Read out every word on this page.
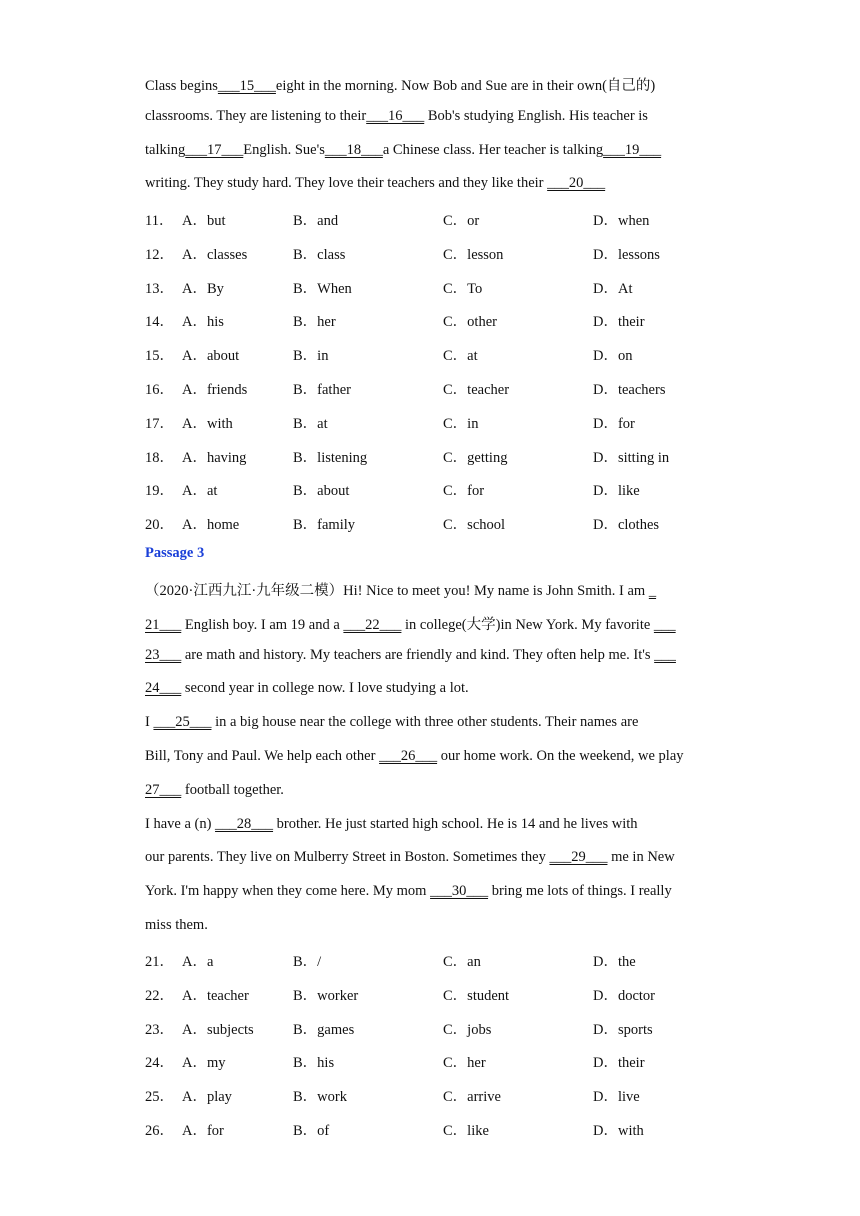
Class begins___15___eight in the morning. Now Bob and Sue are in their own(自己的)
classrooms. They are listening to their___16___ Bob's studying English. His teacher is
talking___17___English. Sue's___18___a Chinese class. Her teacher is talking___19___
writing. They study hard. They love their teachers and they like their ___20___
11． A．but	B．and	C．or	D．when
12． A．classes	B．class	C．lesson	D．lessons
13． A．By	B．When	C．To	D．At
14． A．his	B．her	C．other	D．their
15． A．about	B．in	C．at	D．on
16． A．friends	B．father	C．teacher	D．teachers
17． A．with	B．at	C．in	D．for
18． A．having	B．listening	C．getting	D．sitting in
19． A．at	B．about	C．for	D．like
20． A．home	B．family	C．school	D．clothes
Passage 3
（2020·江西九江·九年级二模）Hi! Nice to meet you! My name is John Smith. I am _
21___ English boy. I am 19 and a ___22___ in college(大学)in New York. My favorite ___
23___ are math and history. My teachers are friendly and kind. They often help me. It's ___
24___ second year in college now. I love studying a lot.
I ___25___ in a big house near the college with three other students. Their names are
Bill, Tony and Paul. We help each other ___26___ our home work. On the weekend, we play
27___ football together.
I have a (n) ___28___ brother. He just started high school. He is 14 and he lives with
our parents. They live on Mulberry Street in Boston. Sometimes they ___29___ me in New
York. I'm happy when they come here. My mom ___30___ bring me lots of things. I really
miss them.
21． A．a	B．/	C．an	D．the
22． A．teacher	B．worker	C．student	D．doctor
23． A．subjects	B．games	C．jobs	D．sports
24． A．my	B．his	C．her	D．their
25． A．play	B．work	C．arrive	D．live
26． A．for	B．of	C．like	D．with
